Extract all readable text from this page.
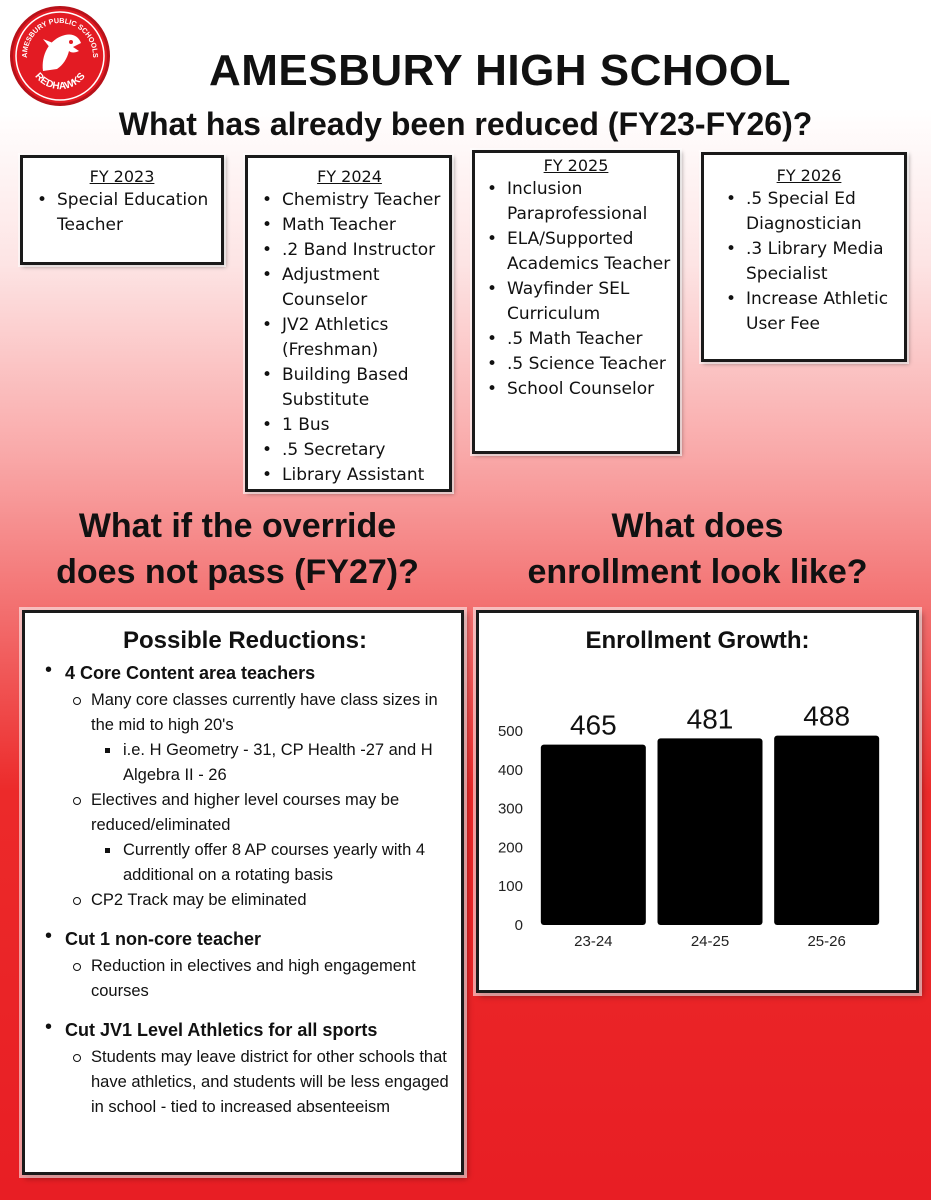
AMESBURY PUBLIC SCHOOLS
REDHAWKS	AMESBURY HIGH SCHOOL
What has already been reduced (FY23-FY26)?
FY 2023
• Special Education Teacher
FY 2024
• Chemistry Teacher
• Math Teacher
• .2 Band Instructor
• Adjustment Counselor
• JV2 Athletics (Freshman)
• Building Based Substitute
• 1 Bus
• .5 Secretary
• Library Assistant
FY 2025
• Inclusion Paraprofessional
• ELA/Supported Academics Teacher
• Wayfinder SEL Curriculum
• .5 Math Teacher
• .5 Science Teacher
• School Counselor
FY 2026
• .5 Special Ed Diagnostician
• .3 Library Media Specialist
• Increase Athletic User Fee
What if the override
does not pass (FY27)?
What does
enrollment look like?
Possible Reductions:
• 4 Core Content area teachers
Many core classes currently have class sizes in the mid to high 20's
i.e. H Geometry - 31, CP Health -27 and H Algebra II - 26
Electives and higher level courses may be reduced/eliminated
Currently offer 8 AP courses yearly with 4 additional on a rotating basis
CP2 Track may be eliminated
• Cut 1 non-core teacher
Reduction in electives and high engagement courses
• Cut JV1 Level Athletics for all sports
Students may leave district for other schools that have athletics, and students will be less engaged in school - tied to increased absenteeism
0
100
200
300
400
500 465
23-24
481
24-25
488
25-26
Enrollment Growth:
